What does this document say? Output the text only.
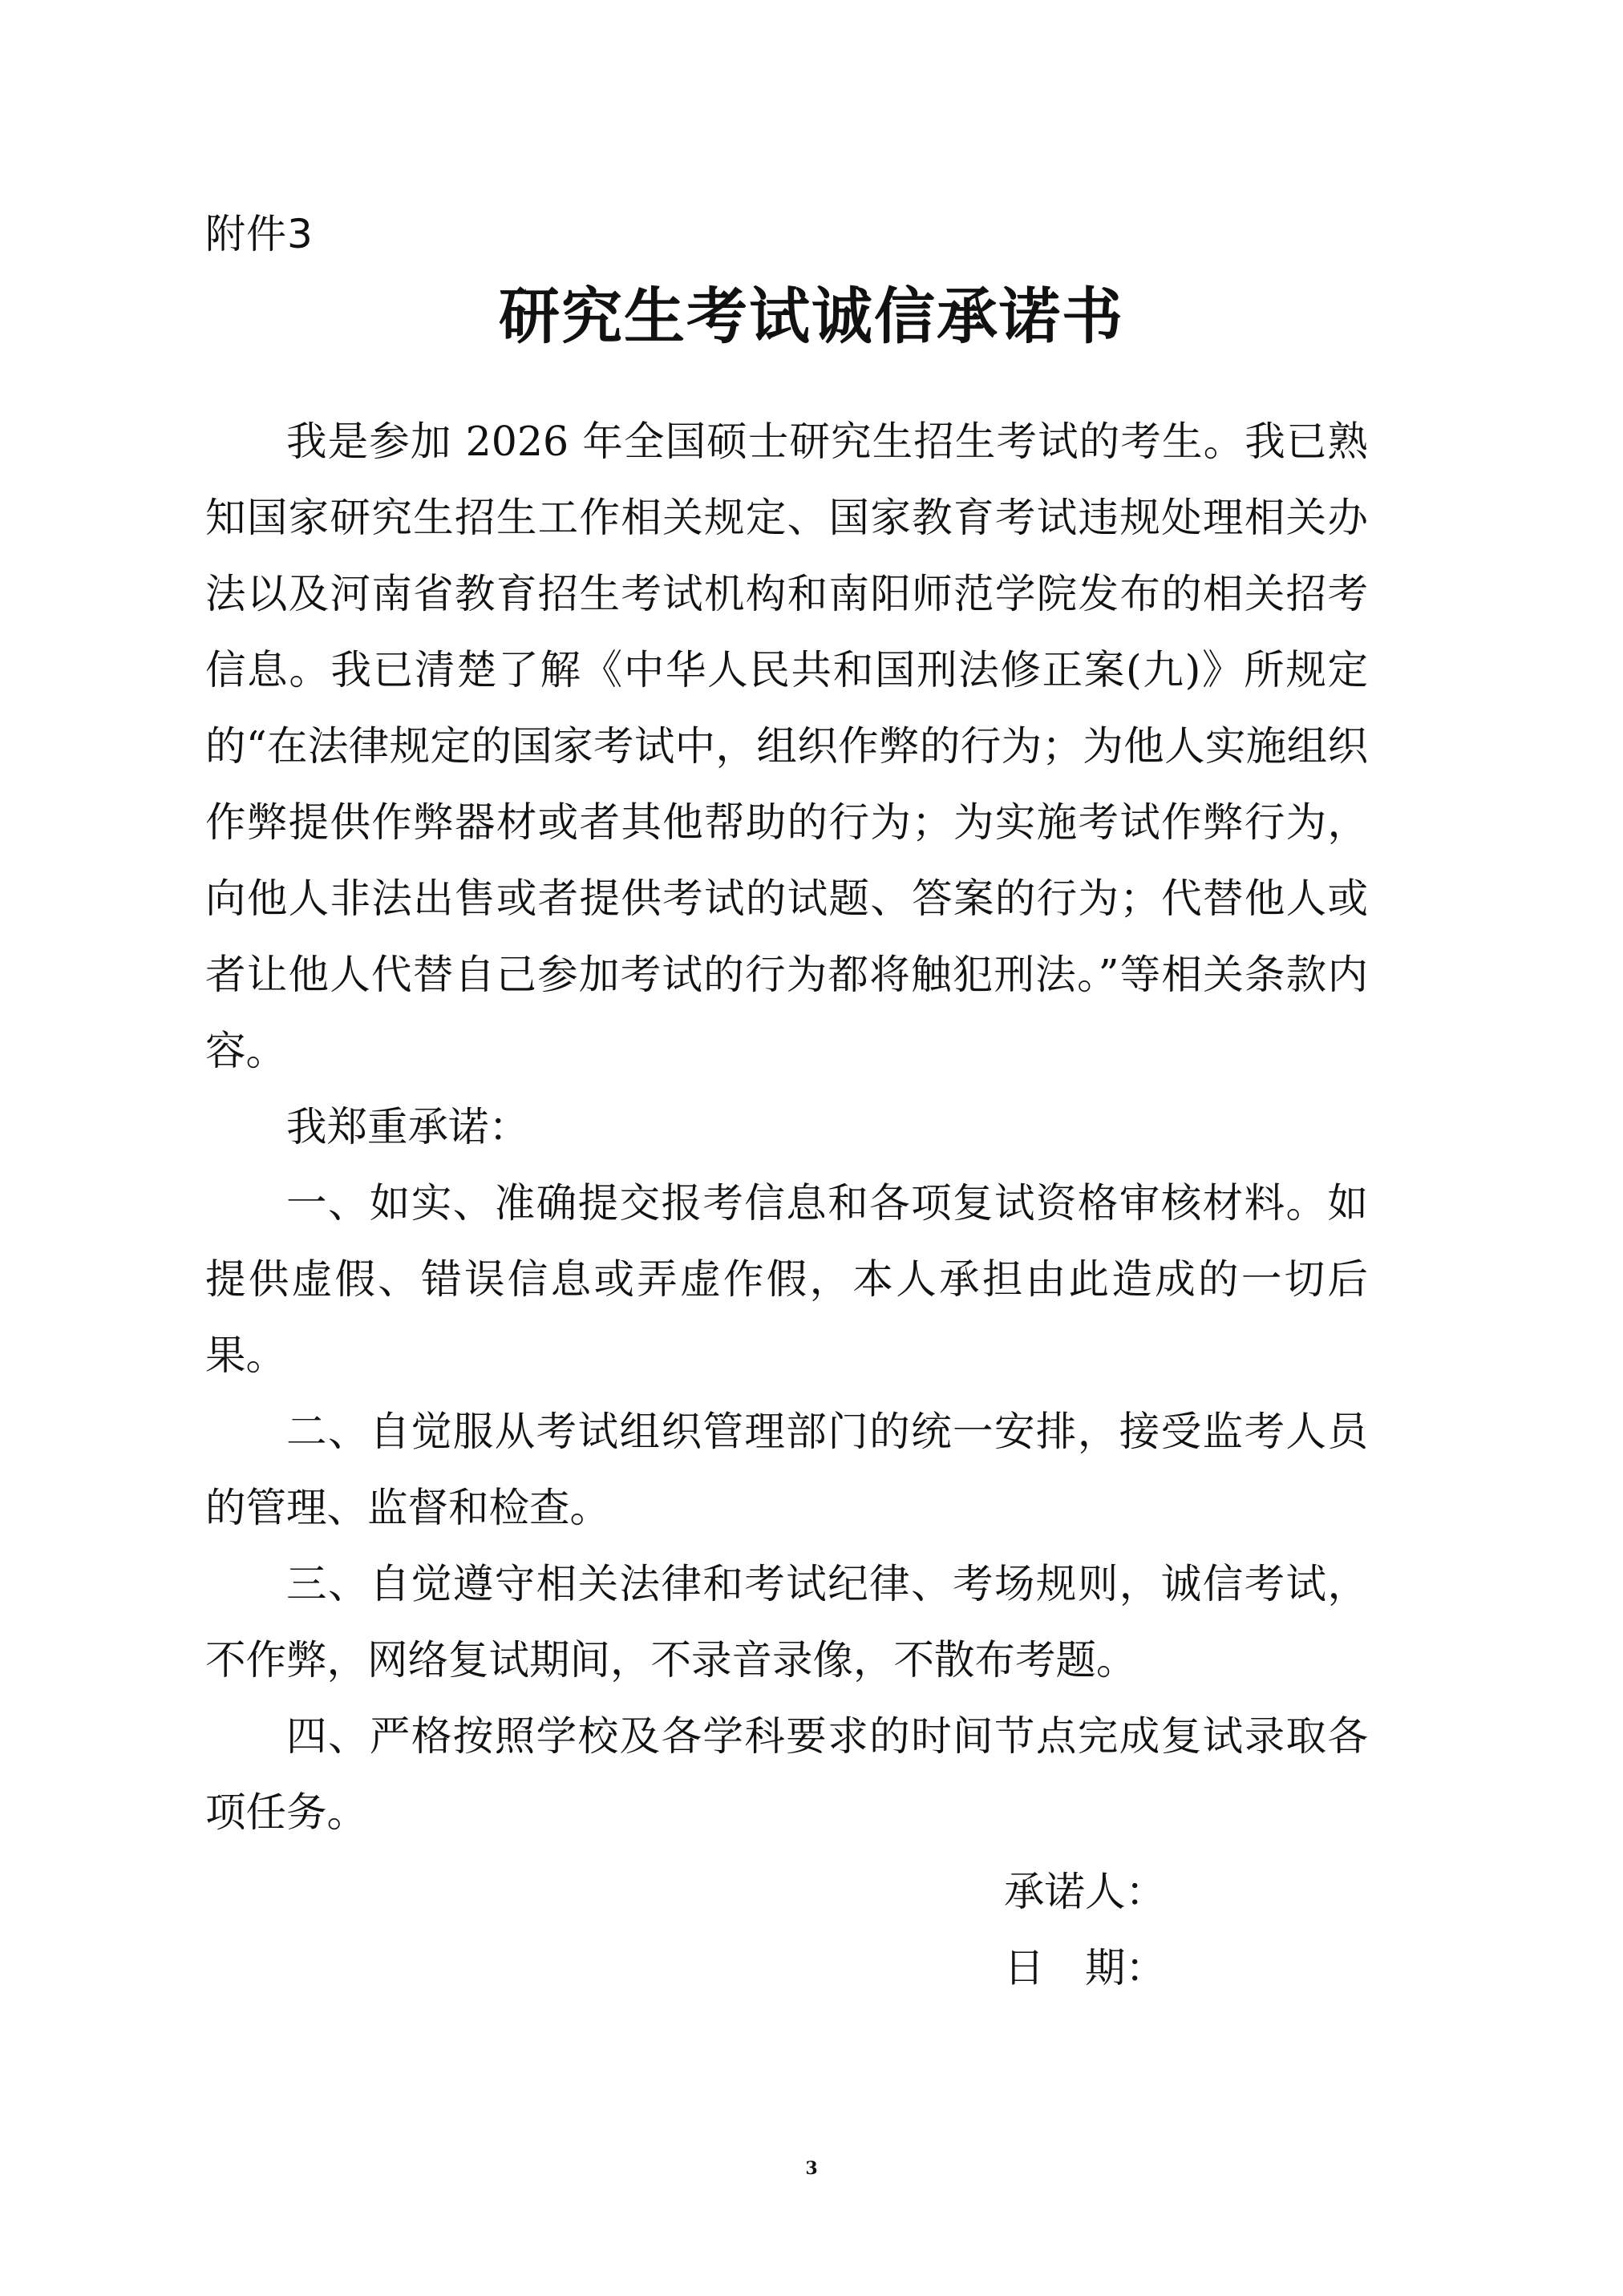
附件3
研究生考试诚信承诺书

我是参加 2026 年全国硕士研究生招生考试的考生。我已熟知国家研究生招生工作相关规定、国家教育考试违规处理相关办法以及河南省教育招生考试机构和南阳师范学院发布的相关招考信息。我已清楚了解《中华人民共和国刑法修正案(九)》所规定的“在法律规定的国家考试中，组织作弊的行为；为他人实施组织作弊提供作弊器材或者其他帮助的行为；为实施考试作弊行为，向他人非法出售或者提供考试的试题、答案的行为；代替他人或者让他人代替自己参加考试的行为都将触犯刑法。”等相关条款内容。

我郑重承诺：

一、如实、准确提交报考信息和各项复试资格审核材料。如提供虚假、错误信息或弄虚作假，本人承担由此造成的一切后果。

二、自觉服从考试组织管理部门的统一安排，接受监考人员的管理、监督和检查。

三、自觉遵守相关法律和考试纪律、考场规则，诚信考试，不作弊，网络复试期间，不录音录像，不散布考题。

四、严格按照学校及各学科要求的时间节点完成复试录取各项任务。

承诺人：
日　期：
3
